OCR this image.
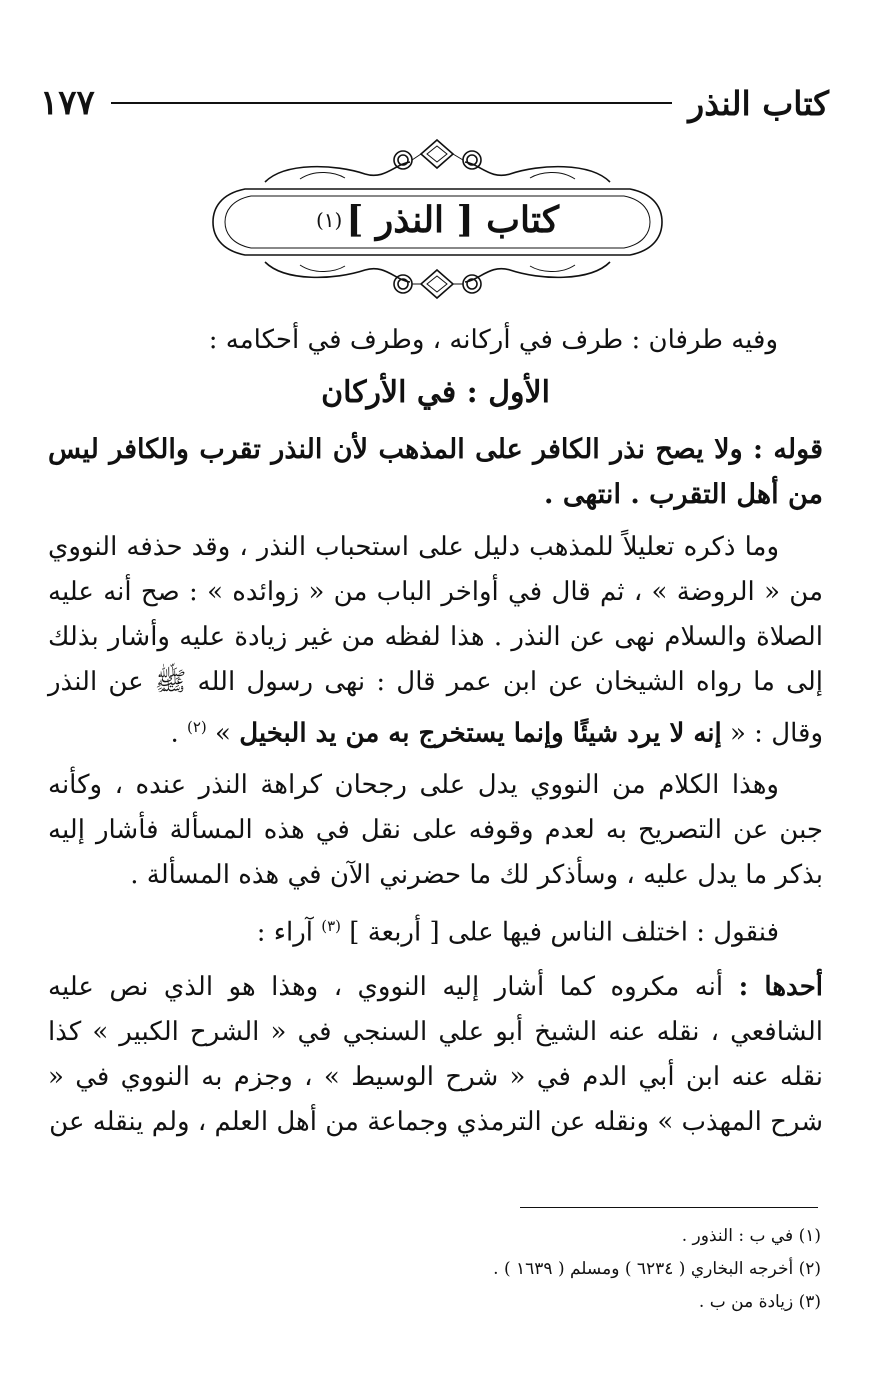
كتاب النذر
١٧٧
كتاب [ النذر ]
(١)

وفيه طرفان : طرف في أركانه ، وطرف في أحكامه :

الأول : في الأركان

قوله : ولا يصح نذر الكافر على المذهب لأن النذر تقرب والكافر ليس من أهل التقرب . انتهى .

وما ذكره تعليلاً للمذهب دليل على استحباب النذر ، وقد حذفه النووي من « الروضة » ، ثم قال في أواخر الباب من « زوائده » : صح أنه عليه الصلاة والسلام نهى عن النذر . هذا لفظه من غير زيادة عليه وأشار بذلك إلى ما رواه الشيخان عن ابن عمر قال : نهى رسول الله ﷺ عن النذر وقال : « إنه لا يرد شيئًا وإنما يستخرج به من يد البخيل » $^{(٢)}$ .

وهذا الكلام من النووي يدل على رجحان كراهة النذر عنده ، وكأنه جبن عن التصريح به لعدم وقوفه على نقل في هذه المسألة فأشار إليه بذكر ما يدل عليه ، وسأذكر لك ما حضرني الآن في هذه المسألة .

فنقول : اختلف الناس فيها على [ أربعة ] $^{(٣)}$ آراء :

أحدها : أنه مكروه كما أشار إليه النووي ، وهذا هو الذي نص عليه الشافعي ، نقله عنه الشيخ أبو علي السنجي في « الشرح الكبير » كذا نقله عنه ابن أبي الدم في « شرح الوسيط » ، وجزم به النووي في « شرح المهذب » ونقله عن الترمذي وجماعة من أهل العلم ، ولم ينقله عن

(١) في ب : النذور .
(٢) أخرجه البخاري ( ٦٢٣٤ ) ومسلم ( ١٦٣٩ ) .
(٣) زيادة من ب .
